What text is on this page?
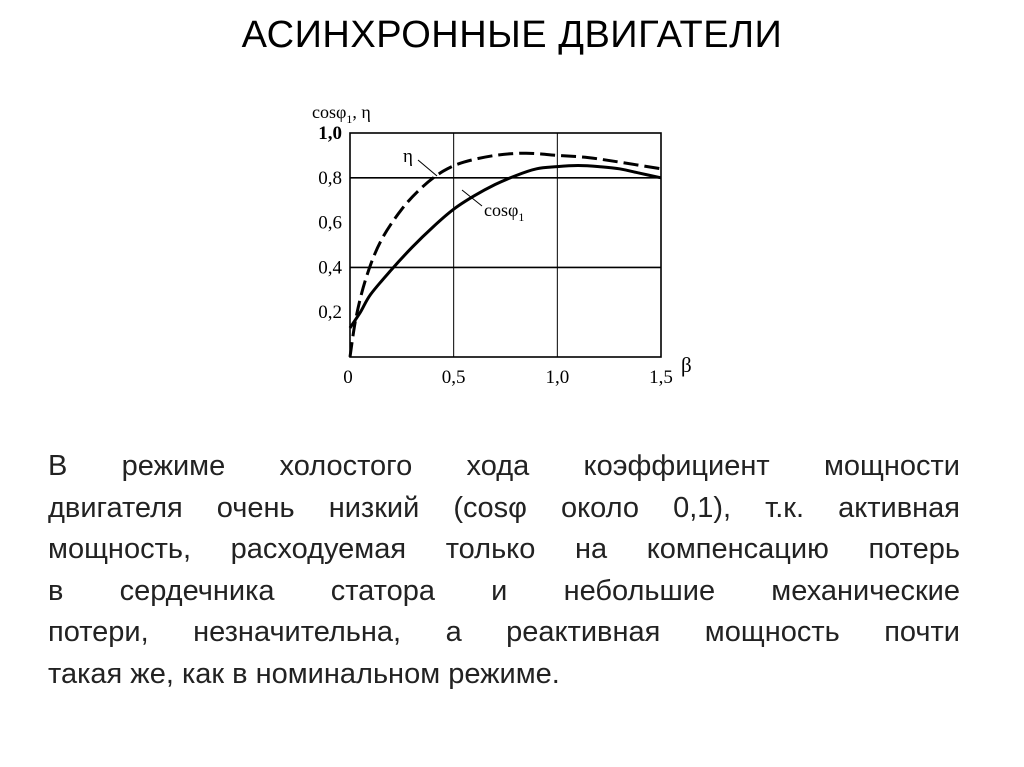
АСИНХРОННЫЕ ДВИГАТЕЛИ
0,2
0,4
0,6
0,8
1,0
0	0,5	1,0	1,5
cosφ$_1$, η
β
η
cosφ$_1$
В режиме холостого хода коэффициент мощности
двигателя очень низкий (cosφ около 0,1), т.к. активная
мощность, расходуемая только на компенсацию потерь
в сердечника статора и небольшие механические
потери, незначительна, а реактивная мощность почти
такая же, как в номинальном режиме.
